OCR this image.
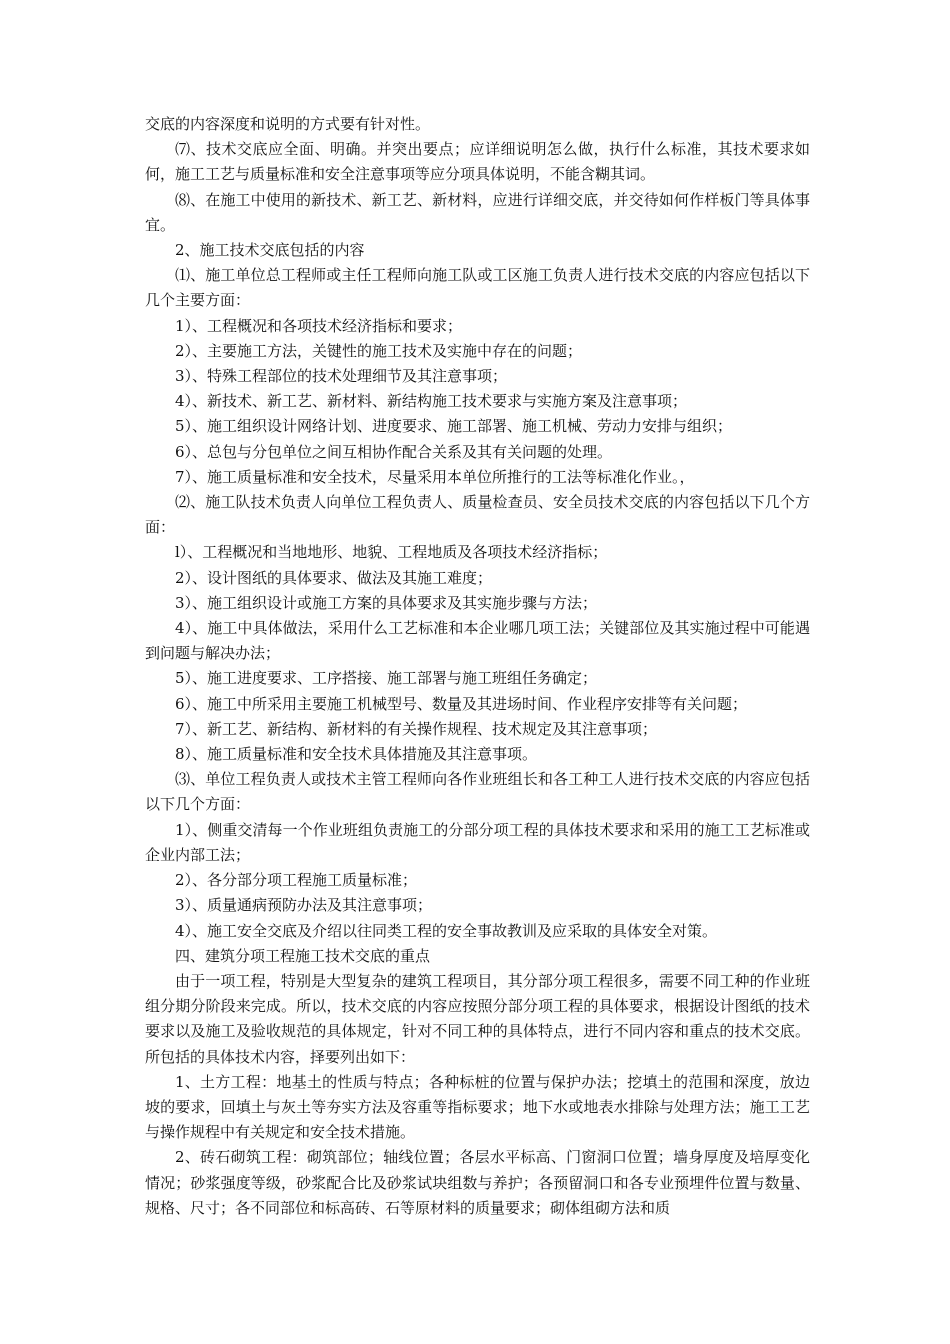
交底的内容深度和说明的方式要有针对性。

⑺、技术交底应全面、明确。并突出要点；应详细说明怎么做，执行什么标准，其技术要求如何，施工工艺与质量标准和安全注意事项等应分项具体说明，不能含糊其词。

⑻、在施工中使用的新技术、新工艺、新材料，应进行详细交底，并交待如何作样板门等具体事宜。

2、施工技术交底包括的内容

⑴、施工单位总工程师或主任工程师向施工队或工区施工负责人进行技术交底的内容应包括以下几个主要方面：

1）、工程概况和各项技术经济指标和要求；

2）、主要施工方法，关键性的施工技术及实施中存在的问题；

3）、特殊工程部位的技术处理细节及其注意事项；

4）、新技术、新工艺、新材料、新结构施工技术要求与实施方案及注意事项；

5）、施工组织设计网络计划、进度要求、施工部署、施工机械、劳动力安排与组织；

6）、总包与分包单位之间互相协作配合关系及其有关问题的处理。

7）、施工质量标准和安全技术，尽量采用本单位所推行的工法等标准化作业。，

⑵、施工队技术负责人向单位工程负责人、质量检查员、安全员技术交底的内容包括以下几个方面：

l）、工程概况和当地地形、地貌、工程地质及各项技术经济指标；

2）、设计图纸的具体要求、做法及其施工难度；

3）、施工组织设计或施工方案的具体要求及其实施步骤与方法；

4）、施工中具体做法，采用什么工艺标准和本企业哪几项工法；关键部位及其实施过程中可能遇到问题与解决办法；

5）、施工进度要求、工序搭接、施工部署与施工班组任务确定；

6）、施工中所采用主要施工机械型号、数量及其进场时间、作业程序安排等有关问题；

7）、新工艺、新结构、新材料的有关操作规程、技术规定及其注意事项；

8）、施工质量标准和安全技术具体措施及其注意事项。

⑶、单位工程负责人或技术主管工程师向各作业班组长和各工种工人进行技术交底的内容应包括以下几个方面：

1）、侧重交清每一个作业班组负责施工的分部分项工程的具体技术要求和采用的施工工艺标准或企业内部工法；

2）、各分部分项工程施工质量标准；

3）、质量通病预防办法及其注意事项；

4）、施工安全交底及介绍以往同类工程的安全事故教训及应采取的具体安全对策。

四、建筑分项工程施工技术交底的重点

由于一项工程，特别是大型复杂的建筑工程项目，其分部分项工程很多，需要不同工种的作业班组分期分阶段来完成。所以，技术交底的内容应按照分部分项工程的具体要求，根据设计图纸的技术要求以及施工及验收规范的具体规定，针对不同工种的具体特点，进行不同内容和重点的技术交底。所包括的具体技术内容，择要列出如下：

1、土方工程：地基土的性质与特点；各种标桩的位置与保护办法；挖填土的范围和深度，放边坡的要求，回填土与灰土等夯实方法及容重等指标要求；地下水或地表水排除与处理方法；施工工艺与操作规程中有关规定和安全技术措施。

2、砖石砌筑工程：砌筑部位；轴线位置；各层水平标高、门窗洞口位置；墙身厚度及培厚变化情况；砂浆强度等级，砂浆配合比及砂浆试块组数与养护；各预留洞口和各专业预埋件位置与数量、规格、尺寸；各不同部位和标高砖、石等原材料的质量要求；砌体组砌方法和质
